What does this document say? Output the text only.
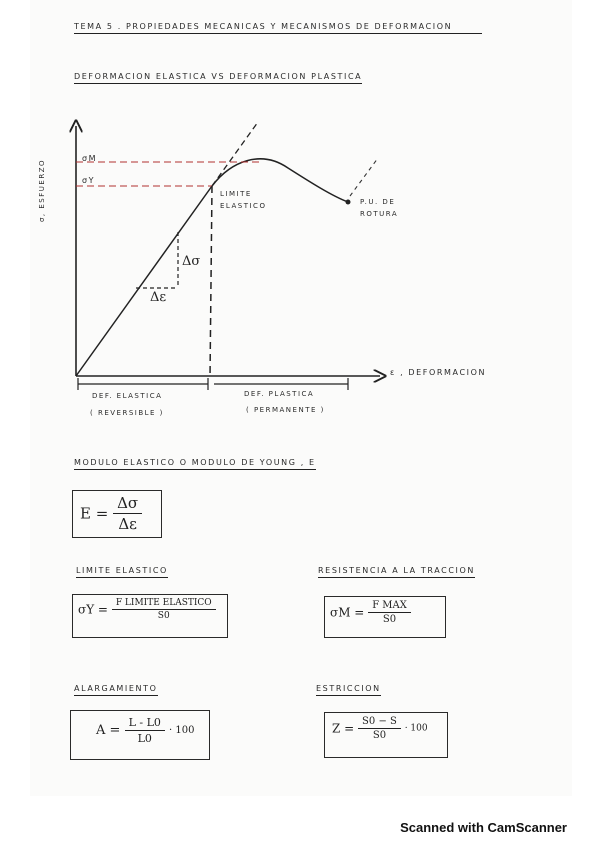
TEMA 5 . PROPIEDADES MECANICAS Y MECANISMOS DE DEFORMACION
DEFORMACION ELASTICA VS DEFORMACION PLASTICA
σ, ESFUERZO
σM
σY
LIMITE ELASTICO	P.U. DE ROTURA
Δσ
Δε
ε , DEFORMACION
DEF. ELASTICA
( REVERSIBLE )
DEF. PLASTICA
( PERMANENTE )
MODULO ELASTICO O MODULO DE YOUNG , E
$E = \frac{\Delta\sigma}{\Delta\varepsilon}$
LIMITE ELASTICO
$\sigma Y = \frac{\text{F LIMITE ELASTICO}}{S0}$
RESISTENCIA A LA TRACCION
$\sigma M = \frac{\text{F MAX}}{S0}$
ALARGAMIENTO
$A = \frac{L - L0}{L0} \cdot 100$
ESTRICCION
$Z = \frac{S0 - S}{S0} \cdot 100$
Scanned with CamScanner
